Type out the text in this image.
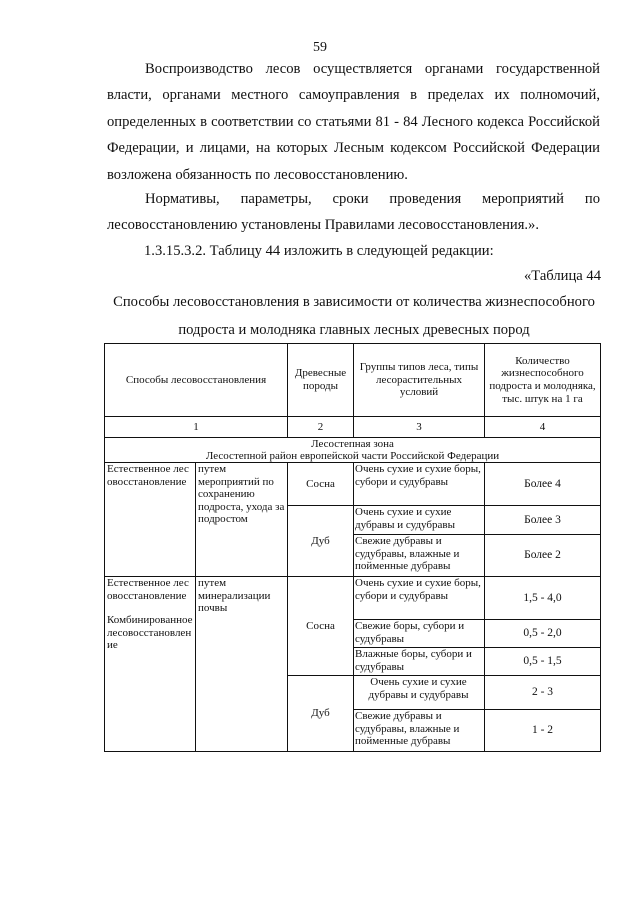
59
Воспроизводство лесов осуществляется органами государственной власти, органами местного самоуправления в пределах их полномочий, определенных в соответствии со статьями 81 - 84 Лесного кодекса Российской Федерации, и лицами, на которых Лесным кодексом Российской Федерации возложена обязанность по лесовосстановлению.
Нормативы, параметры, сроки проведения мероприятий по лесовосстановлению установлены Правилами лесовосстановления.».
1.3.15.3.2. Таблицу 44 изложить в следующей редакции:
«Таблица 44
Способы лесовосстановления в зависимости от количества жизнеспособного подроста и молодняка главных лесных древесных пород
Способы лесовосстановления		Древесные породы	Группы типов леса, типы лесорастительных условий	Количество жизнеспособного подроста и молодняка, тыс. штук на 1 га
1		2	3	4

Лесостепная зона
Лесостепной район европейской части Российской Федерации				

Естественное лесовосстановление	путем мероприятий по сохранению подроста, ухода за подростом	Сосна	Очень сухие и сухие боры, субори и судубравы	Более 4
		Дуб	Очень сухие и сухие дубравы и судубравы	Более 3
			Свежие дубравы и судубравы, влажные и пойменные дубравы	Более 2

Естественное лесовосстановление
Комбинированное лесовосстановление	путем минерализации почвы	Сосна	Очень сухие и сухие боры, субори и судубравы	1,5 - 4,0
			Свежие боры, субори и судубравы	0,5 - 2,0
			Влажные боры, субори и судубравы	0,5 - 1,5
		Дуб	Очень сухие и сухие дубравы и судубравы	2 - 3
			Свежие дубравы и судубравы, влажные и пойменные дубравы	1 - 2
